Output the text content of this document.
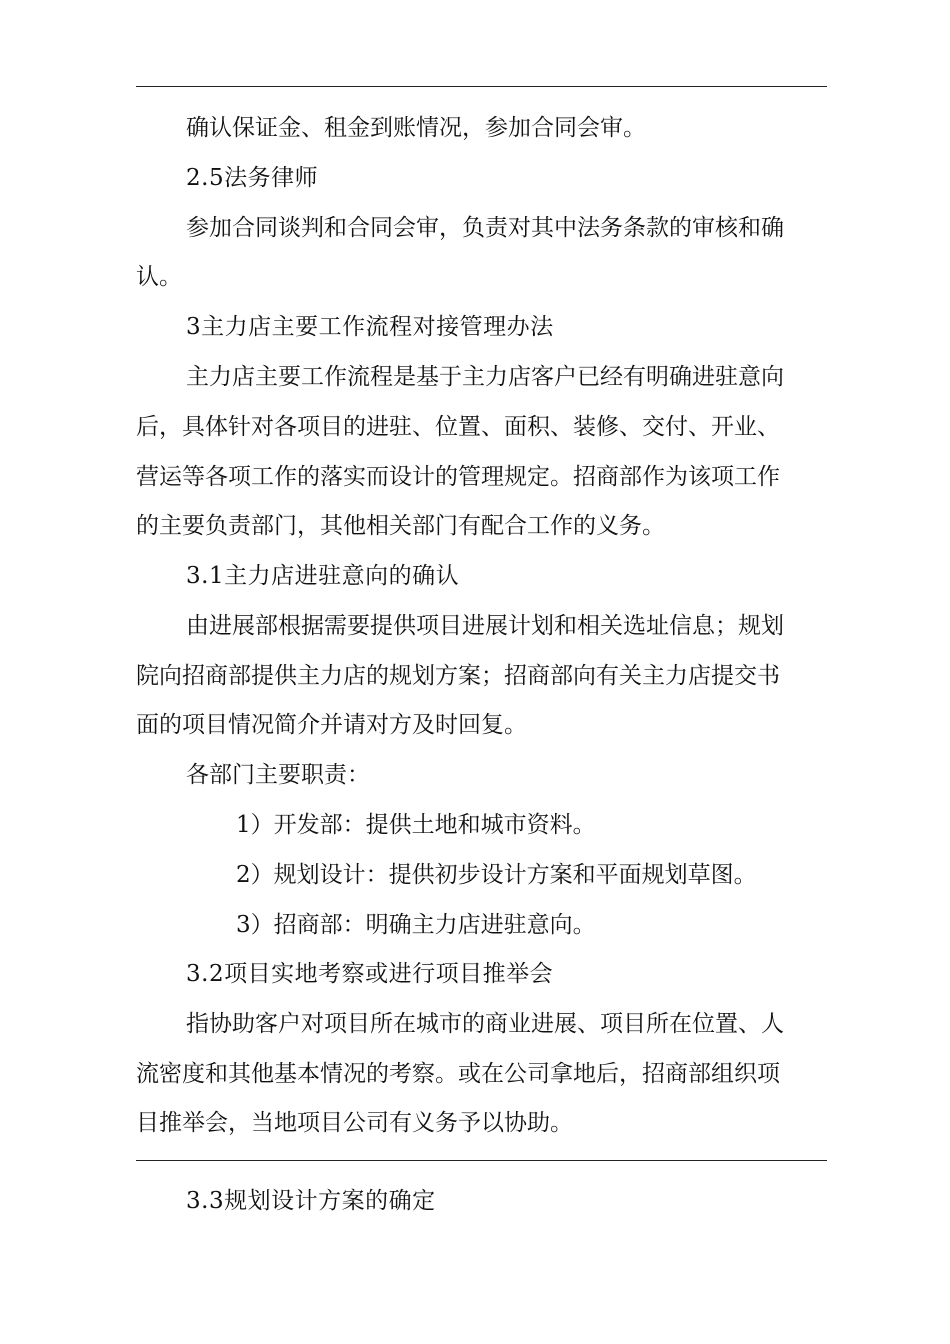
确认保证金、租金到账情况，参加合同会审。

2.5法务律师

参加合同谈判和合同会审，负责对其中法务条款的审核和确

认。

3主力店主要工作流程对接管理办法

主力店主要工作流程是基于主力店客户已经有明确进驻意向

后，具体针对各项目的进驻、位置、面积、装修、交付、开业、

营运等各项工作的落实而设计的管理规定。招商部作为该项工作

的主要负责部门，其他相关部门有配合工作的义务。

3.1主力店进驻意向的确认

由进展部根据需要提供项目进展计划和相关选址信息；规划

院向招商部提供主力店的规划方案；招商部向有关主力店提交书

面的项目情况简介并请对方及时回复。

各部门主要职责：

1）开发部：提供土地和城市资料。

2）规划设计：提供初步设计方案和平面规划草图。

3）招商部：明确主力店进驻意向。

3.2项目实地考察或进行项目推举会

指协助客户对项目所在城市的商业进展、项目所在位置、人

流密度和其他基本情况的考察。或在公司拿地后，招商部组织项

目推举会，当地项目公司有义务予以协助。

3.3规划设计方案的确定
